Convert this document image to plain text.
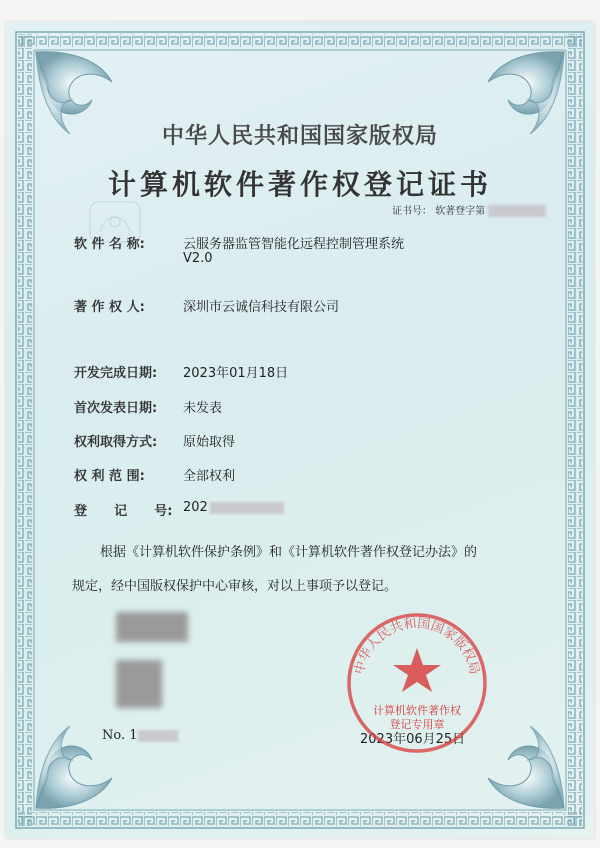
中华人民共和国国家版权局
计算机软件著作权登记证书
证书号： 软著登字第
软 件 名 称:	云服务器监管智能化远程控制管理系统
V2.0
著 作 权 人:	深圳市云诚信科技有限公司
开发完成日期: 2023年01月18日
首次发表日期: 未发表
权利取得方式: 原始取得
权 利 范 围:	全部权利
登      记      号: 202
根据《计算机软件保护条例》和《计算机软件著作权登记办法》的
规定，经中国版权保护中心审核，对以上事项予以登记。
No. 1	2023年06月25日
中华人民共和国国家版权局
计算机软件著作权
登记专用章
